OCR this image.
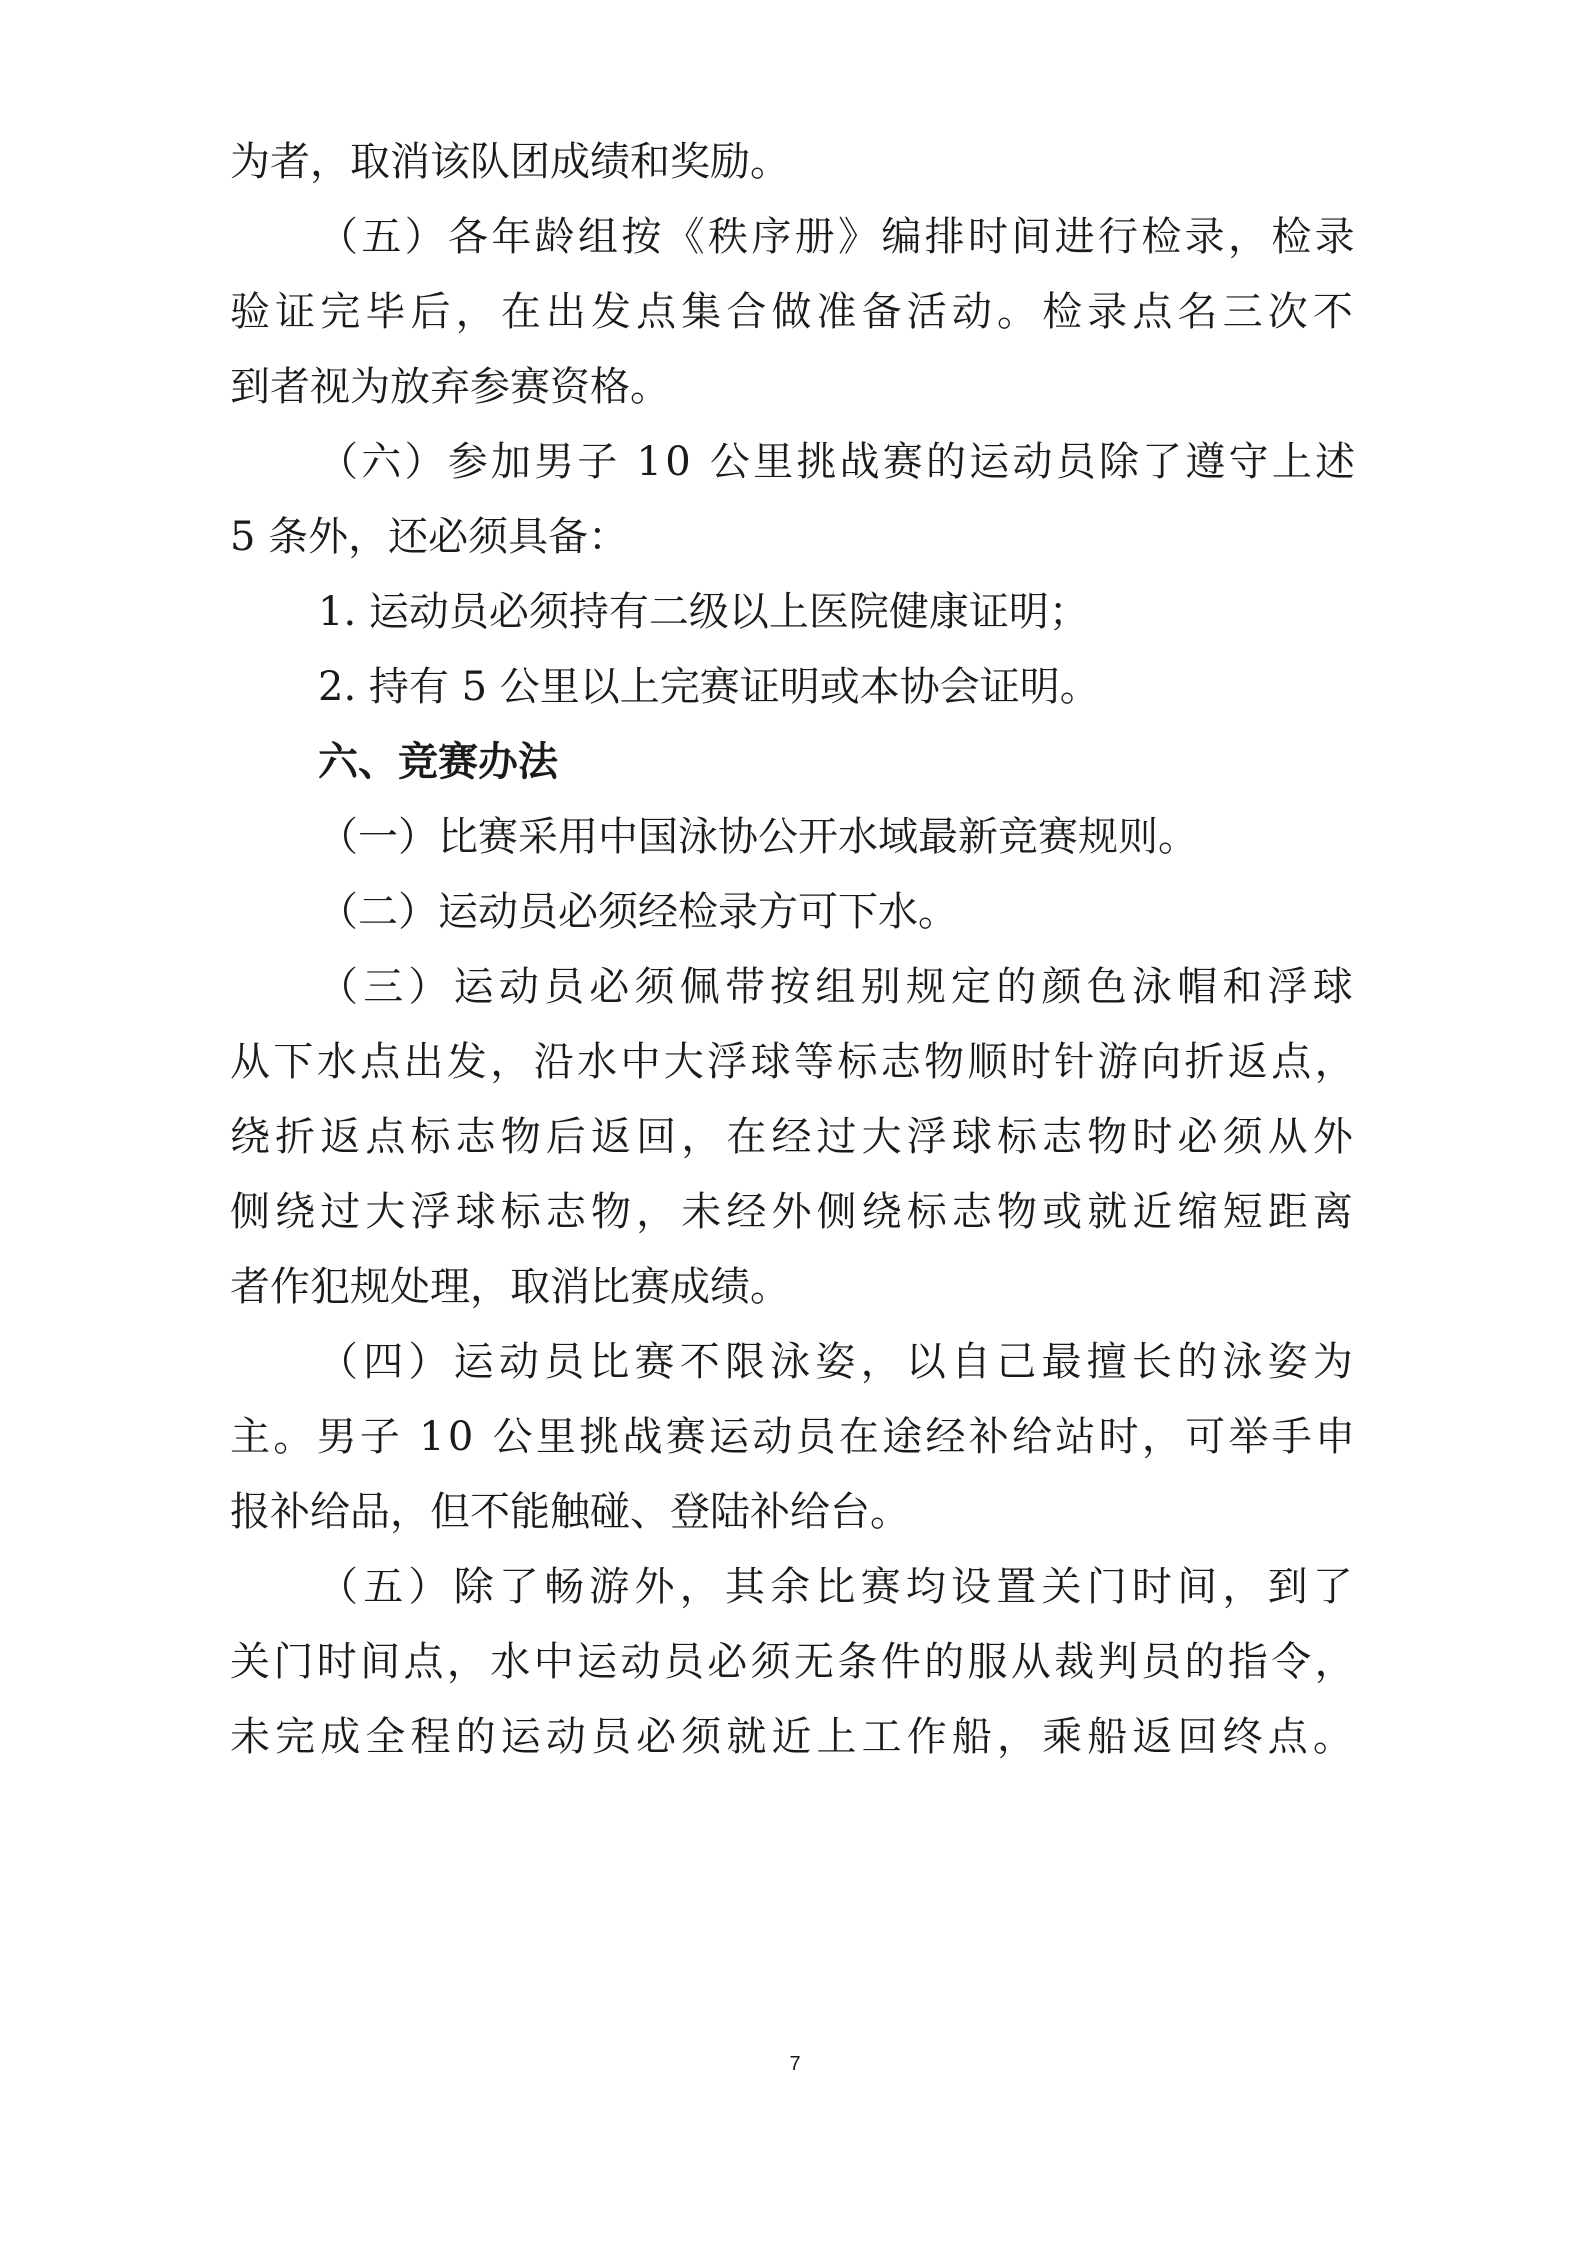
为者，取消该队团成绩和奖励。

（五）各年龄组按《秩序册》编排时间进行检录，检录

验证完毕后，在出发点集合做准备活动。检录点名三次不

到者视为放弃参赛资格。

（六）参加男子 10 公里挑战赛的运动员除了遵守上述

5 条外，还必须具备：

1. 运动员必须持有二级以上医院健康证明；

2. 持有 5 公里以上完赛证明或本协会证明。

六、竞赛办法

（一）比赛采用中国泳协公开水域最新竞赛规则。

（二）运动员必须经检录方可下水。

（三）运动员必须佩带按组别规定的颜色泳帽和浮球

从下水点出发，沿水中大浮球等标志物顺时针游向折返点，

绕折返点标志物后返回，在经过大浮球标志物时必须从外

侧绕过大浮球标志物，未经外侧绕标志物或就近缩短距离

者作犯规处理，取消比赛成绩。

（四）运动员比赛不限泳姿，以自己最擅长的泳姿为

主。男子 10 公里挑战赛运动员在途经补给站时，可举手申

报补给品，但不能触碰、登陆补给台。

（五）除了畅游外，其余比赛均设置关门时间，到了

关门时间点，水中运动员必须无条件的服从裁判员的指令，

未完成全程的运动员必须就近上工作船，乘船返回终点。

7
